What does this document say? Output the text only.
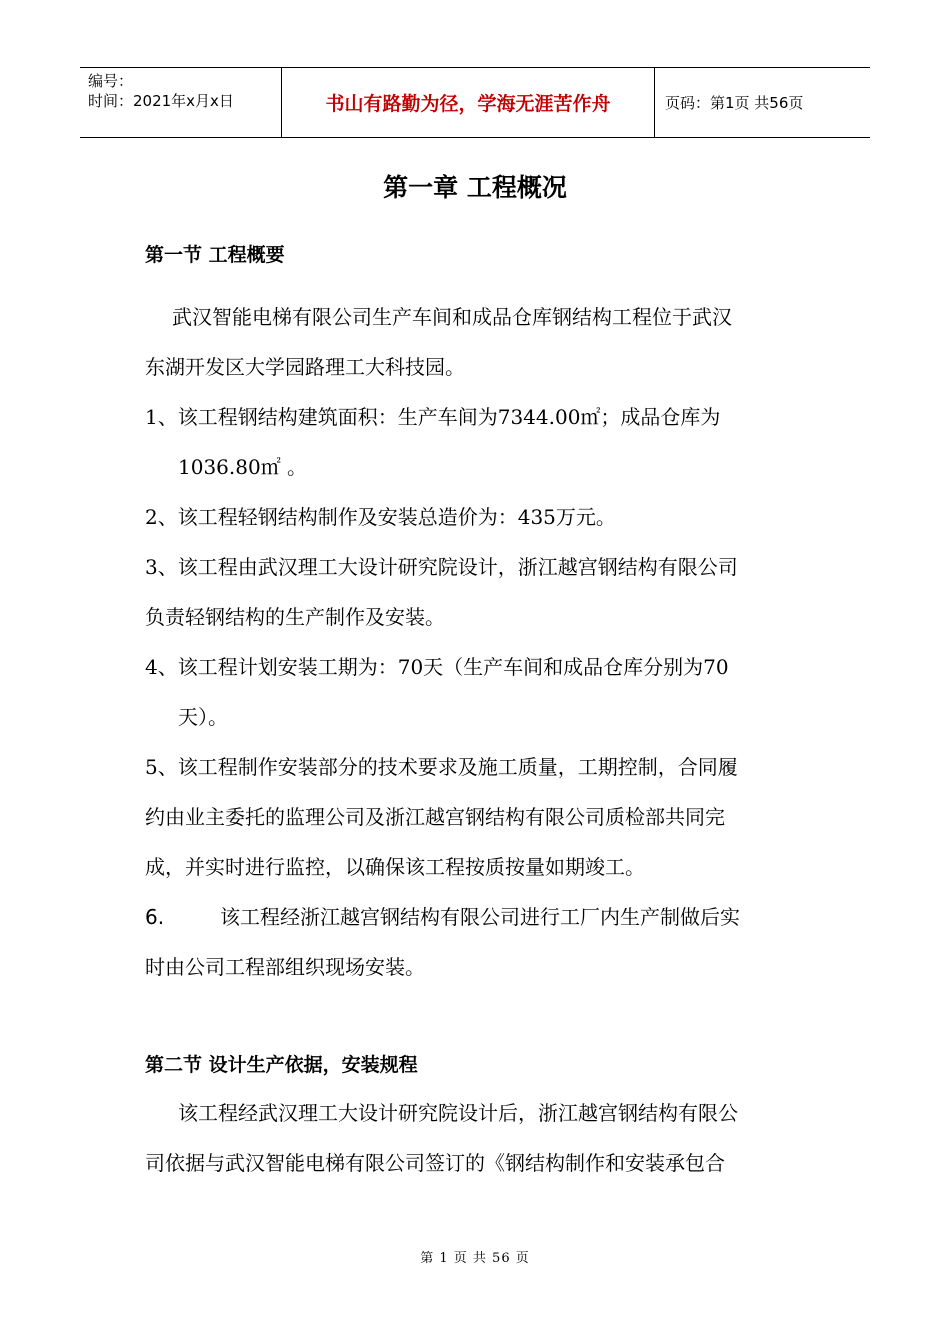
编号：
时间：2021年x月x日	书山有路勤为径，学海无涯苦作舟	页码：第1页 共56页
第一章 工程概况
第一节 工程概要

武汉智能电梯有限公司生产车间和成品仓库钢结构工程位于武汉

东湖开发区大学园路理工大科技园。

1、该工程钢结构建筑面积：生产车间为7344.00㎡；成品仓库为

1036.80㎡ 。

2、该工程轻钢结构制作及安装总造价为：435万元。

3、该工程由武汉理工大设计研究院设计，浙江越宫钢结构有限公司

负责轻钢结构的生产制作及安装。

4、该工程计划安装工期为：70天（生产车间和成品仓库分别为70

天）。

5、该工程制作安装部分的技术要求及施工质量，工期控制，合同履

约由业主委托的监理公司及浙江越宫钢结构有限公司质检部共同完

成，并实时进行监控，以确保该工程按质按量如期竣工。

6.	该工程经浙江越宫钢结构有限公司进行工厂内生产制做后实

时由公司工程部组织现场安装。

第二节 设计生产依据，安装规程

该工程经武汉理工大设计研究院设计后，浙江越宫钢结构有限公

司依据与武汉智能电梯有限公司签订的《钢结构制作和安装承包合

第 1 页 共 56 页
